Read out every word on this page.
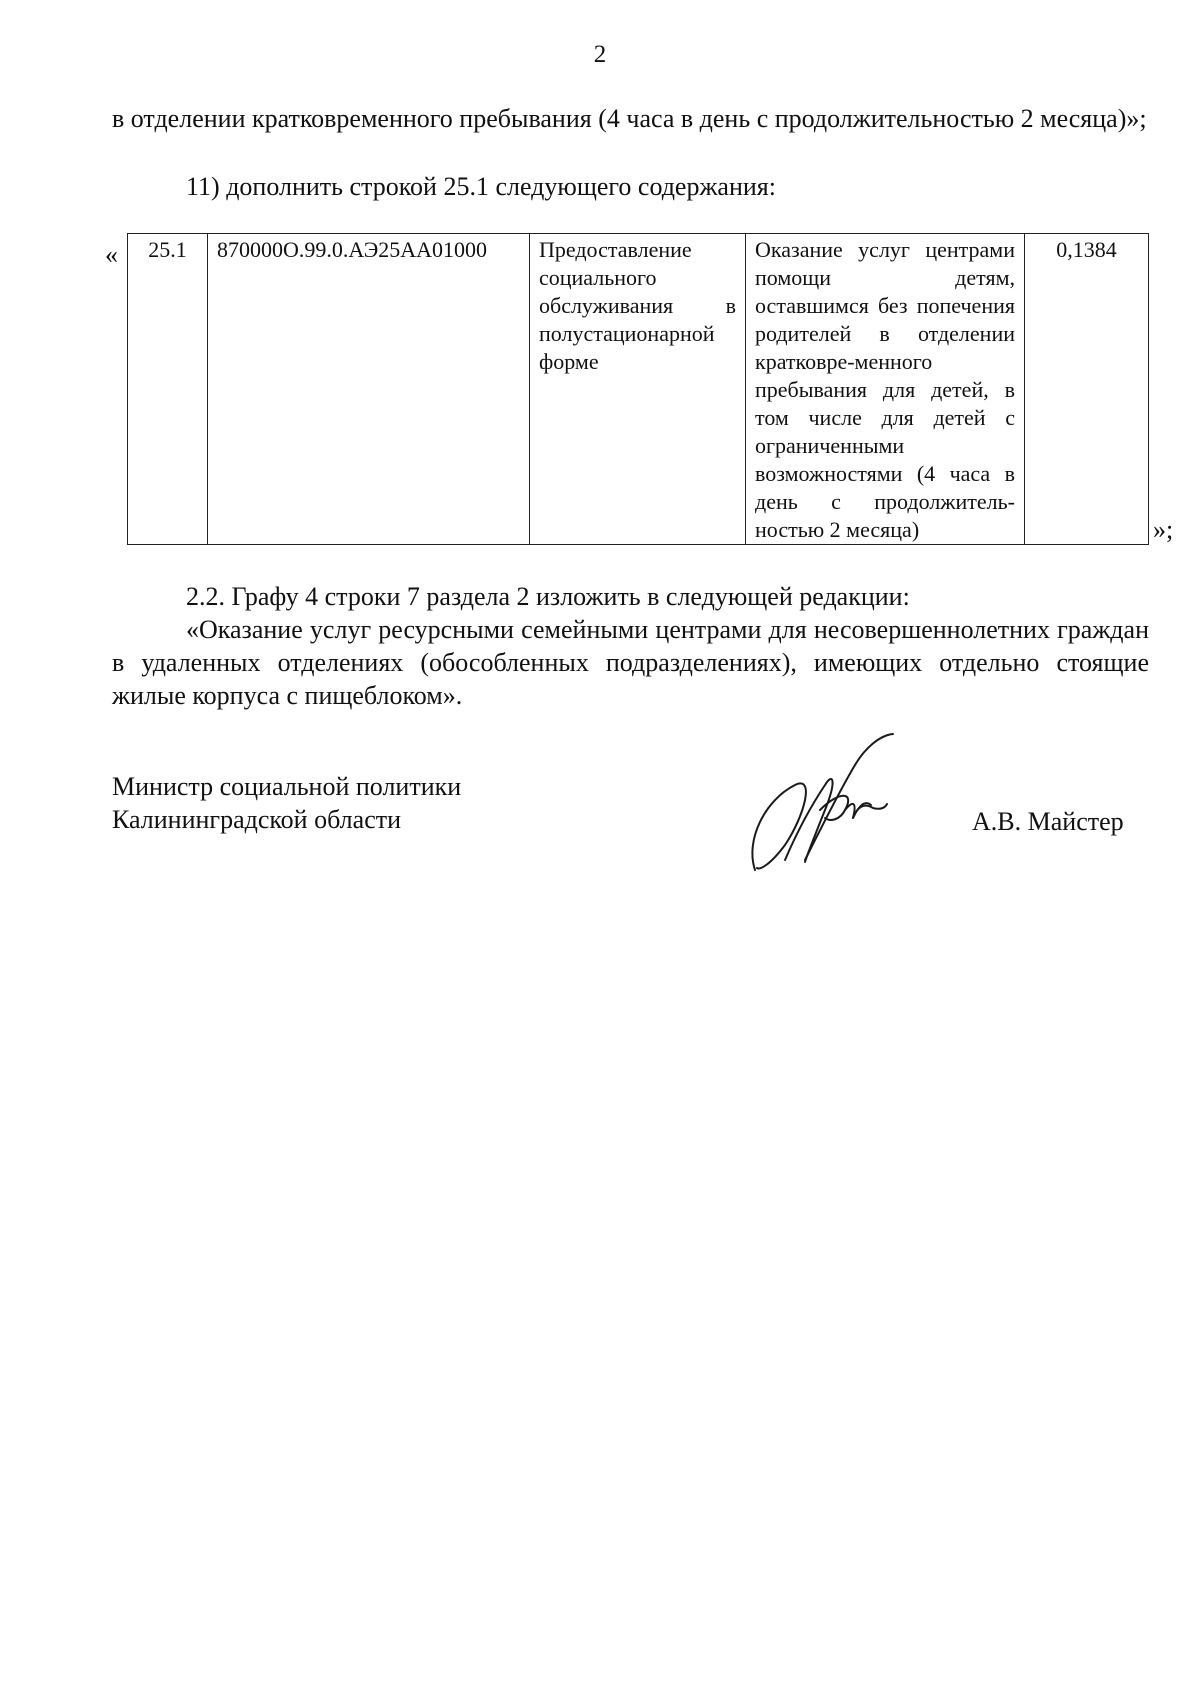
2
в отделении кратковременного пребывания (4 часа в день с продолжительностью 2 месяца)»;
11) дополнить строкой 25.1 следующего содержания:
« 25.1	870000О.99.0.АЭ25АА01000	Предоставление социального обслуживания в полустационарной форме	Оказание услуг центрами помощи детям, оставшимся без попечения родителей в отделении кратковре-менного пребывания для детей, в том числе для детей с ограниченными возможностями (4 часа в день с продолжитель-ностью 2 месяца)	0,1384
»;
2.2. Графу 4 строки 7 раздела 2 изложить в следующей редакции:
«Оказание услуг ресурсными семейными центрами для несовершеннолетних граждан в удаленных отделениях (обособленных подразделениях), имеющих отдельно стоящие жилые корпуса с пищеблоком».
Министр социальной политики
Калининградской области	А.В. Майстер
